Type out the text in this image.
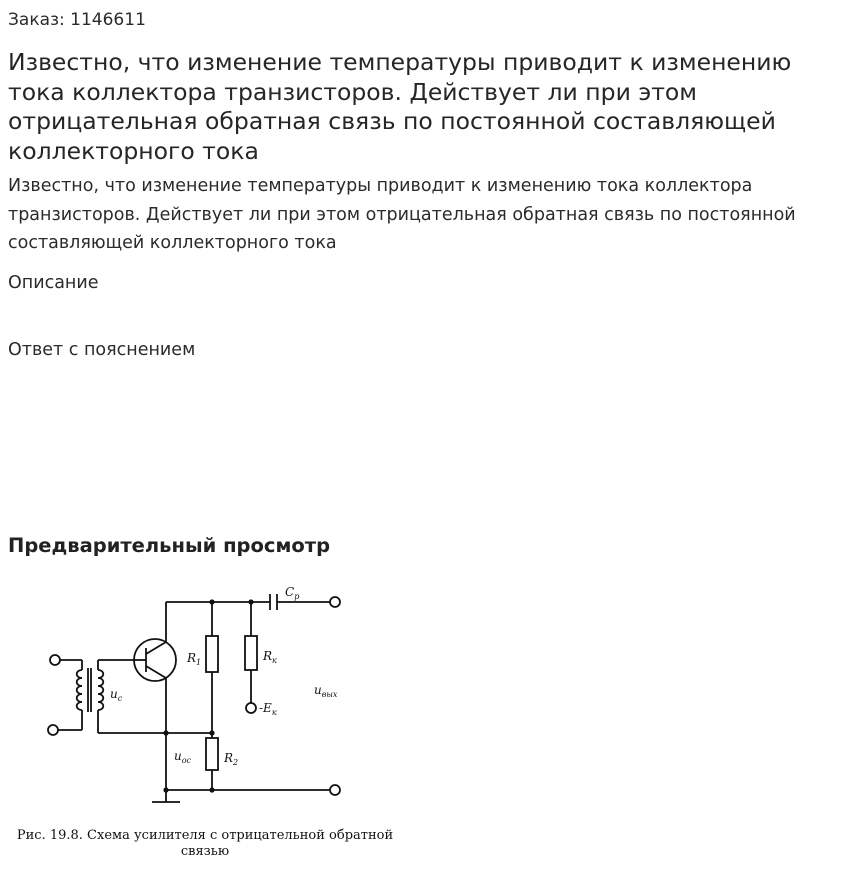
Заказ: 1146611
Известно, что изменение температуры приводит к изменению тока коллектора транзисторов. Действует ли при этом отрицательная обратная связь по постоянной составляющей коллекторного тока
Известно, что изменение температуры приводит к изменению тока коллектора транзисторов. Действует ли при этом отрицательная обратная связь по постоянной составляющей коллекторного тока
Описание
Ответ с пояснением
Предварительный просмотр
$C_p$
$R_1$	$R_к$
$-E_к$
$u_c$
$u_{вых}$
$u_{ос}$	$R_2$
Рис. 19.8. Схема усилителя с отрицательной обратной
связью
